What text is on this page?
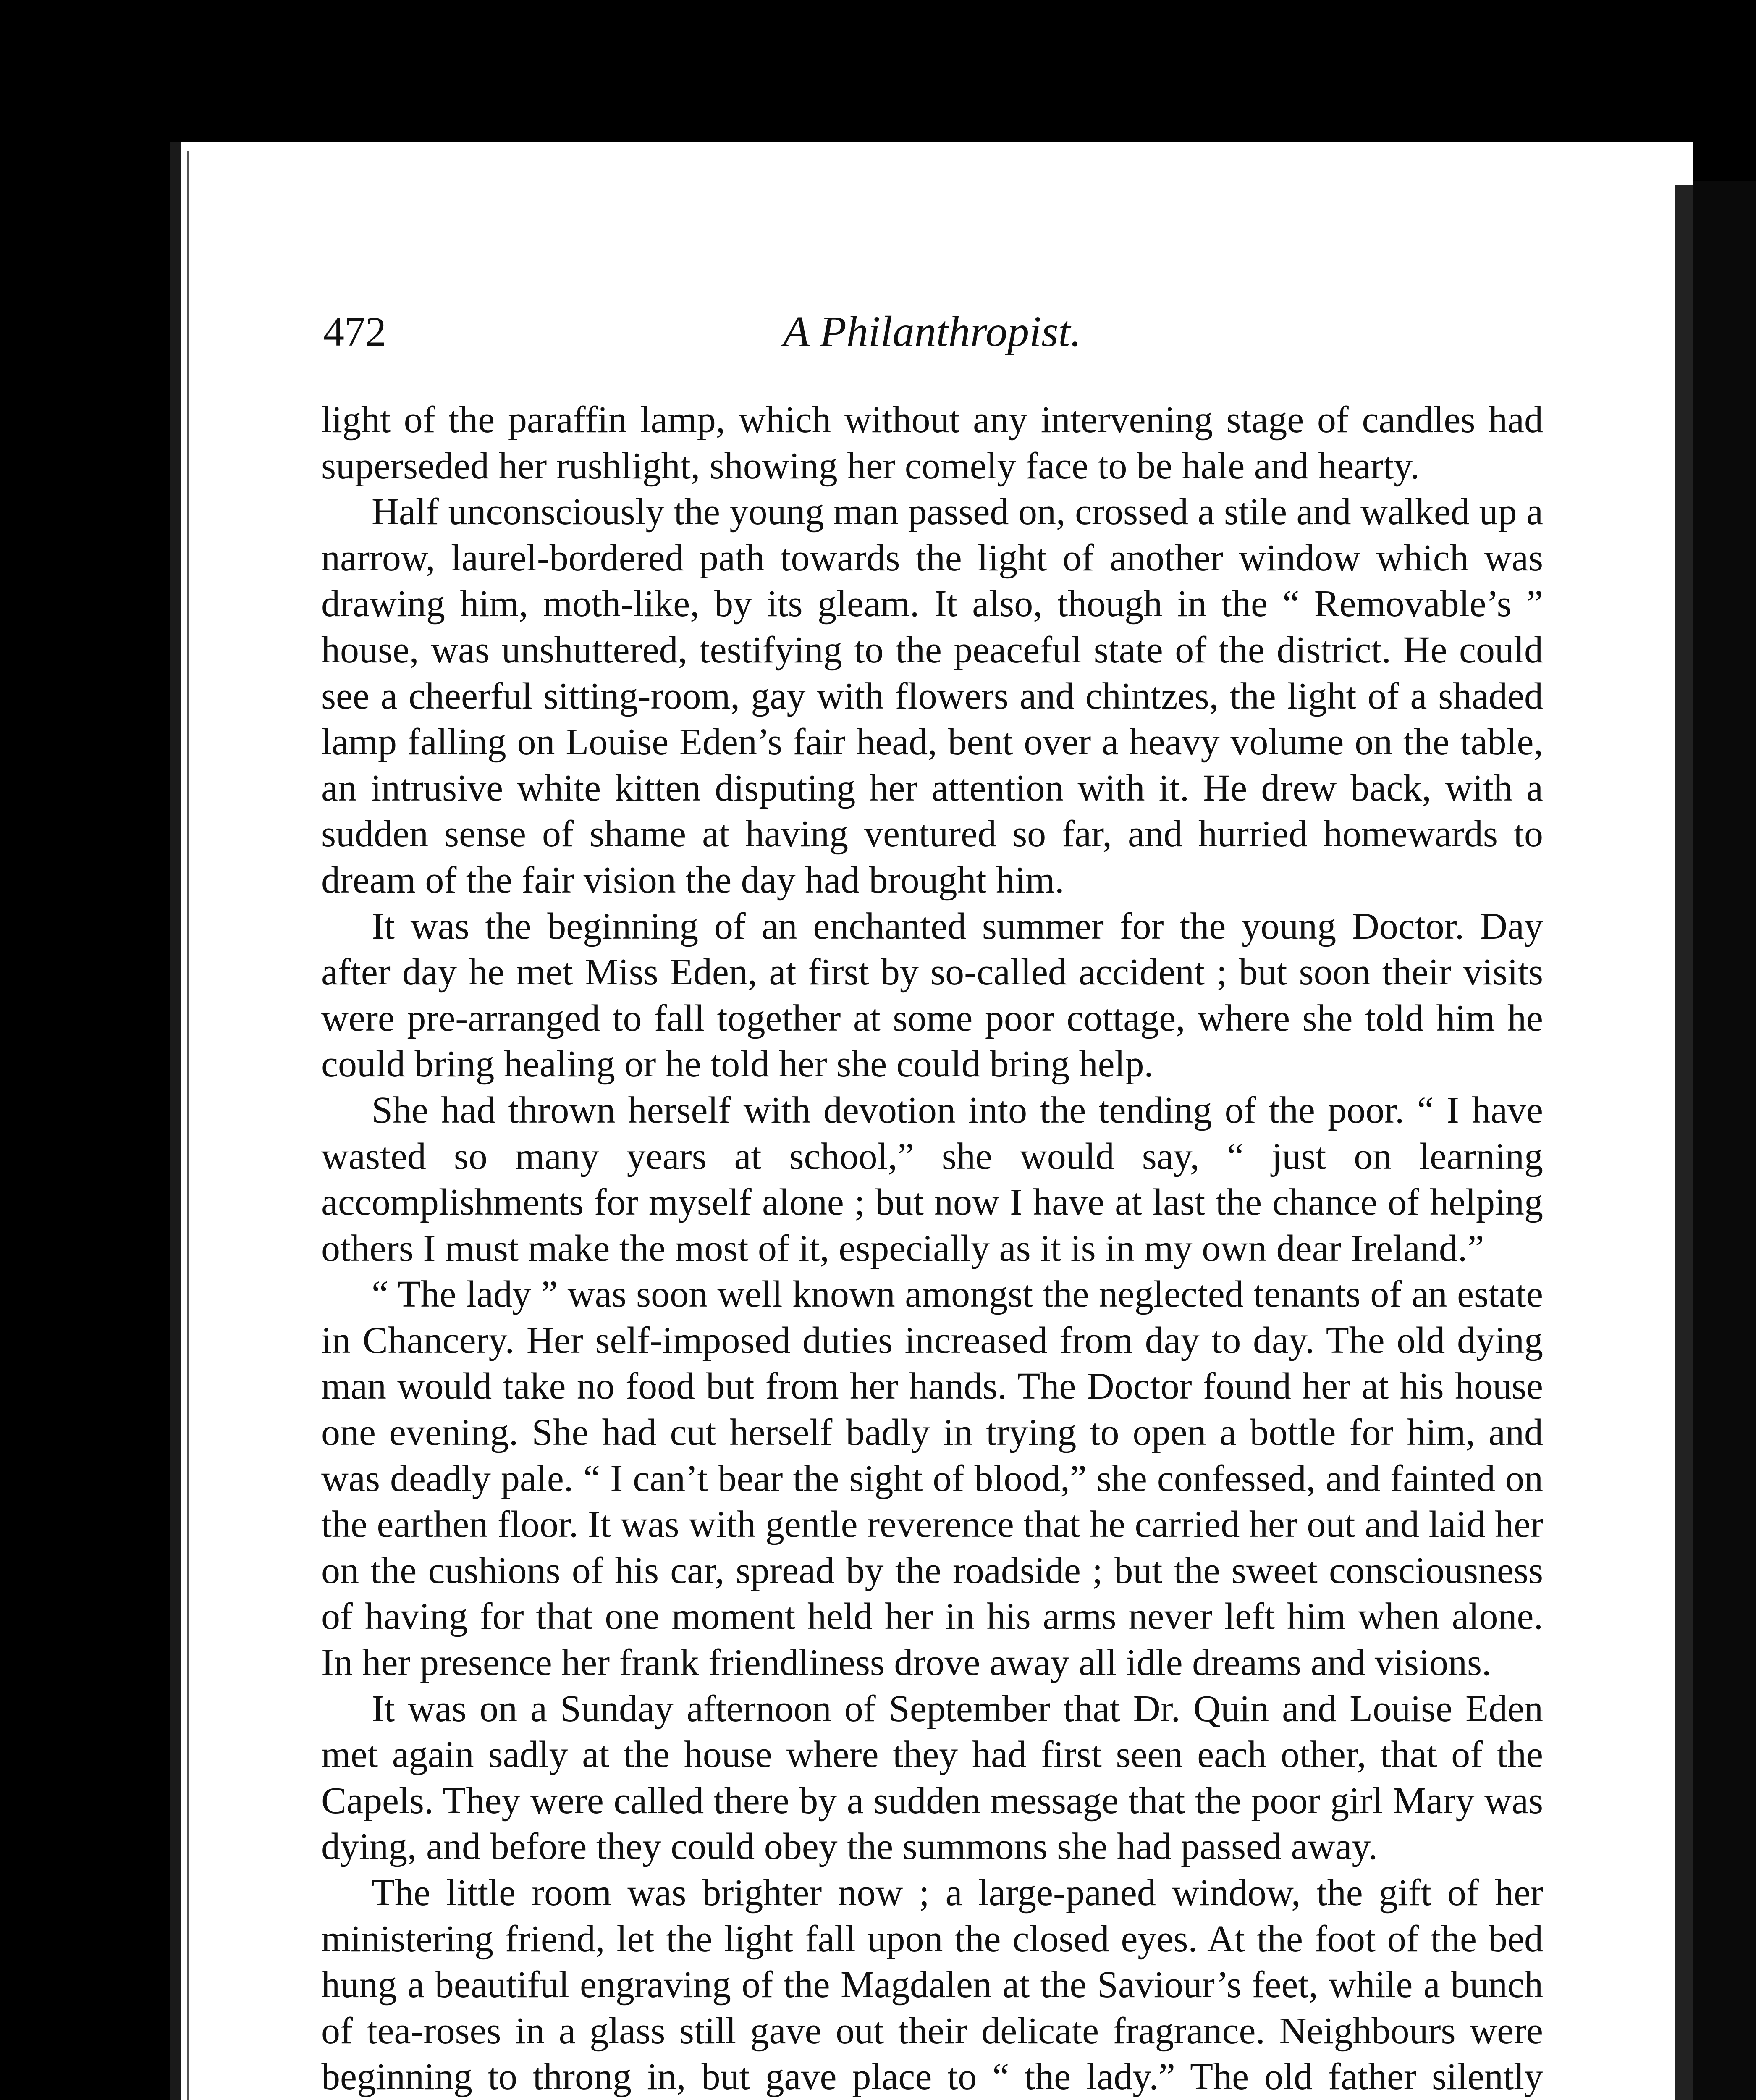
472	A Philanthropist.

light of the paraffin lamp, which without any intervening stage of candles had superseded her rushlight, showing her comely face to be hale and hearty.

Half unconsciously the young man passed on, crossed a stile and walked up a narrow, laurel-bordered path towards the light of another window which was drawing him, moth-like, by its gleam. It also, though in the “ Removable’s ” house, was unshuttered, testifying to the peaceful state of the district. He could see a cheerful sitting-room, gay with flowers and chintzes, the light of a shaded lamp falling on Louise Eden’s fair head, bent over a heavy volume on the table, an intrusive white kitten disputing her attention with it. He drew back, with a sudden sense of shame at having ventured so far, and hurried homewards to dream of the fair vision the day had brought him.

It was the beginning of an enchanted summer for the young Doctor. Day after day he met Miss Eden, at first by so-called accident ; but soon their visits were pre-arranged to fall together at some poor cottage, where she told him he could bring healing or he told her she could bring help.

She had thrown herself with devotion into the tending of the poor. “ I have wasted so many years at school,” she would say, “ just on learning accomplishments for myself alone ; but now I have at last the chance of helping others I must make the most of it, especially as it is in my own dear Ireland.”

“ The lady ” was soon well known amongst the neglected tenants of an estate in Chancery. Her self-imposed duties increased from day to day. The old dying man would take no food but from her hands. The Doctor found her at his house one evening. She had cut herself badly in trying to open a bottle for him, and was deadly pale. “ I can’t bear the sight of blood,” she confessed, and fainted on the earthen floor. It was with gentle reverence that he carried her out and laid her on the cushions of his car, spread by the roadside ; but the sweet consciousness of having for that one moment held her in his arms never left him when alone. In her presence her frank friendliness drove away all idle dreams and visions.

It was on a Sunday afternoon of September that Dr. Quin and Louise Eden met again sadly at the house where they had first seen each other, that of the Capels. They were called there by a sudden message that the poor girl Mary was dying, and before they could obey the summons she had passed away.

The little room was brighter now ; a large-paned window, the gift of her ministering friend, let the light fall upon the closed eyes. At the foot of the bed hung a beautiful engraving of the Magdalen at the Saviour’s feet, while a bunch of tea-roses in a glass still gave out their delicate fragrance. Neighbours were beginning to throng in, but gave place to “ the lady.” The old father silently
